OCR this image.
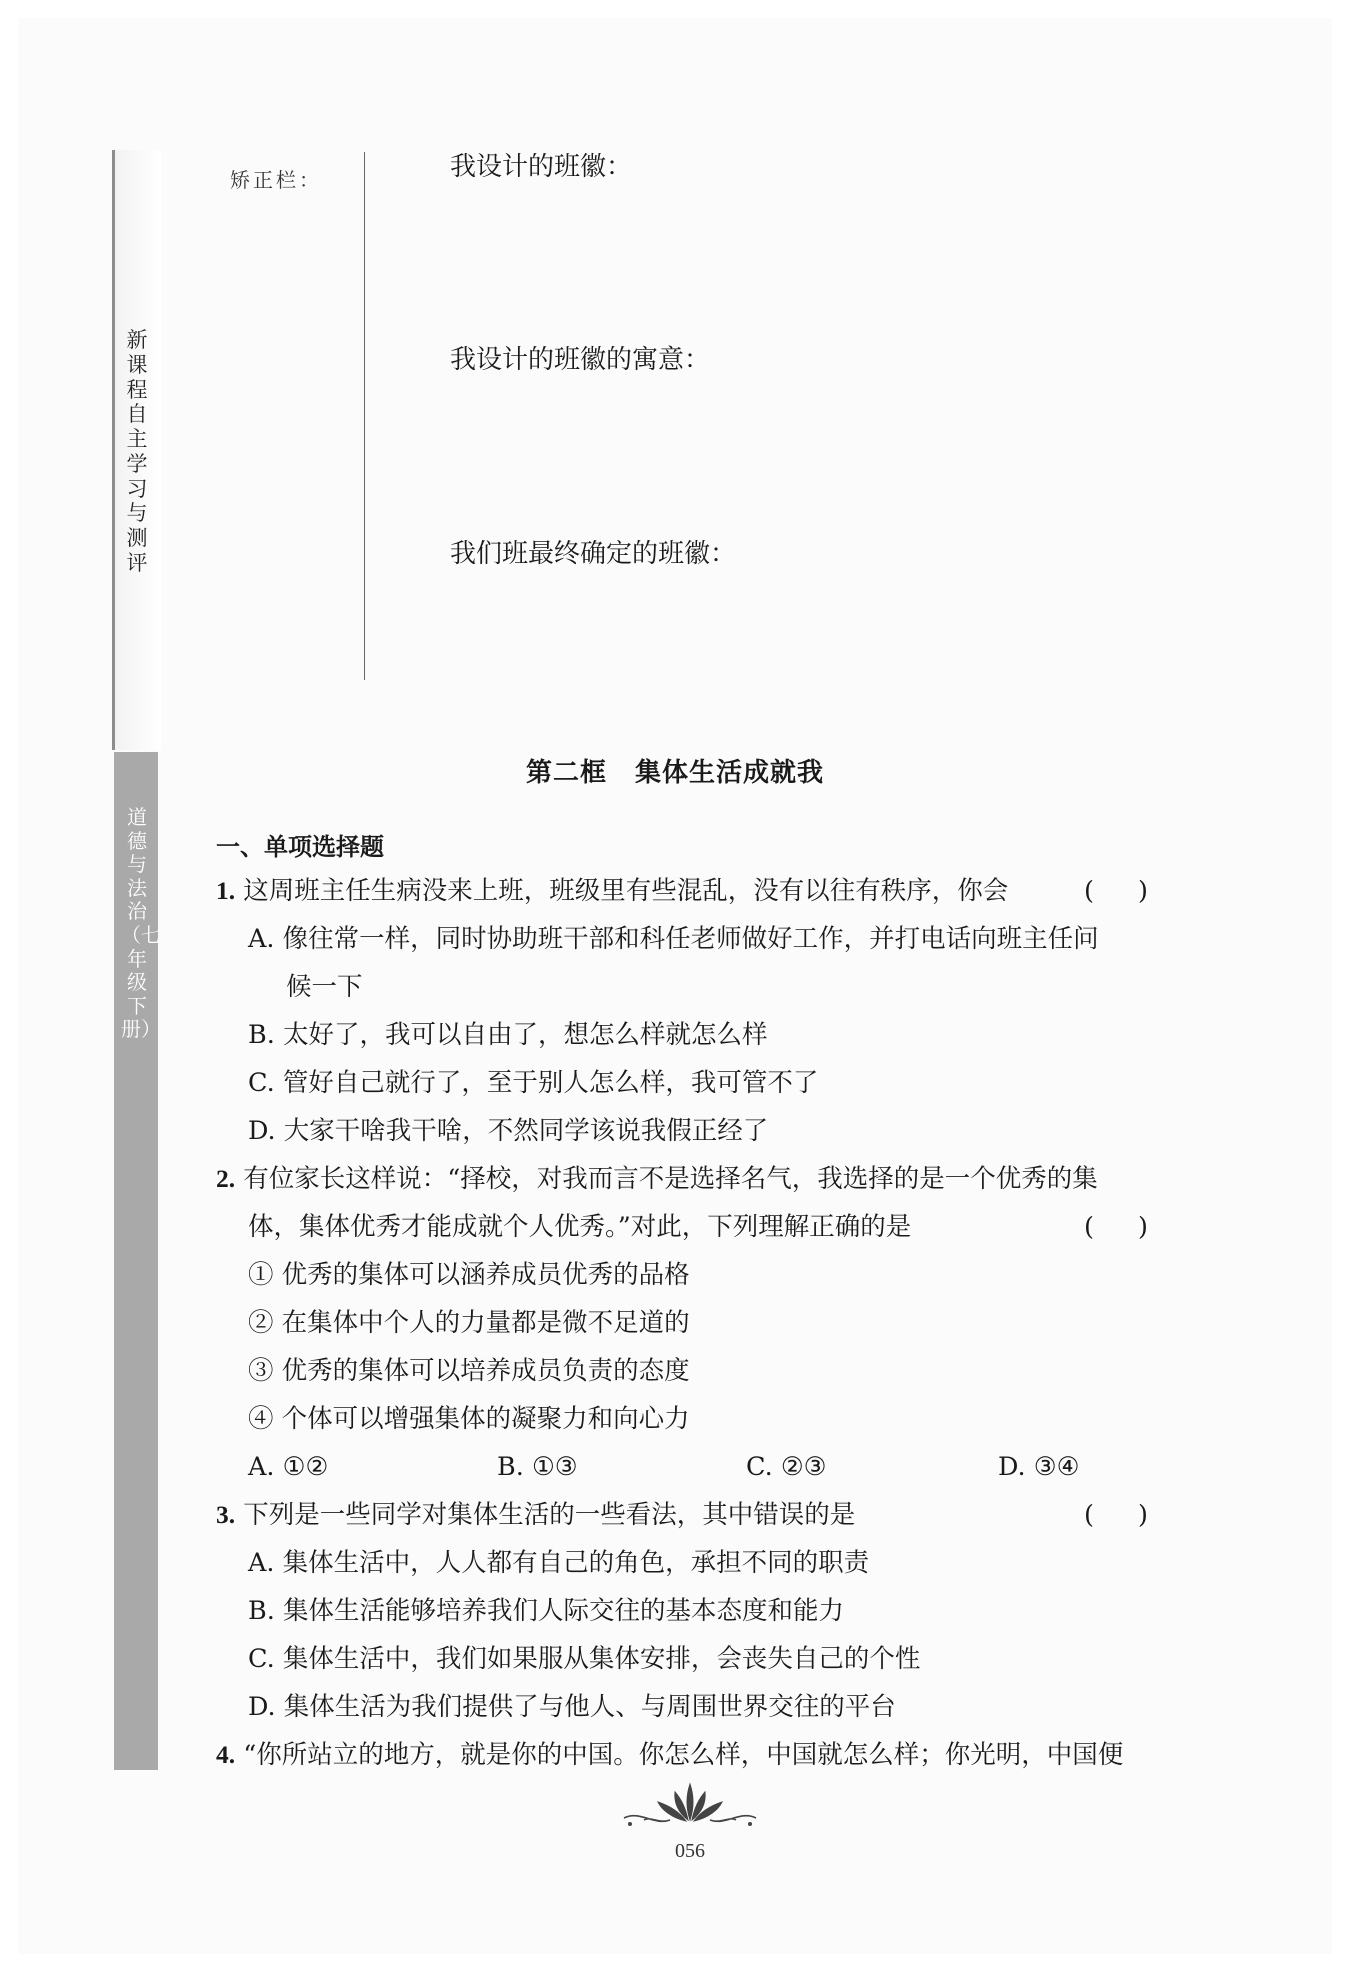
新课程自主学习与测评
道德与法治（七年级下册）
矫正栏：	我设计的班徽：
我设计的班徽的寓意：
我们班最终确定的班徽：
第二框 集体生活成就我
一、单项选择题
1. 这周班主任生病没来上班，班级里有些混乱，没有以往有秩序，你会	( )
A. 像往常一样，同时协助班干部和科任老师做好工作，并打电话向班主任问
候一下
B. 太好了，我可以自由了，想怎么样就怎么样
C. 管好自己就行了，至于别人怎么样，我可管不了
D. 大家干啥我干啥，不然同学该说我假正经了
2. 有位家长这样说：“择校，对我而言不是选择名气，我选择的是一个优秀的集
体，集体优秀才能成就个人优秀。”对此，下列理解正确的是	( )
① 优秀的集体可以涵养成员优秀的品格
② 在集体中个人的力量都是微不足道的
③ 优秀的集体可以培养成员负责的态度
④ 个体可以增强集体的凝聚力和向心力
A. ①②	B. ①③	C. ②③	D. ③④
3. 下列是一些同学对集体生活的一些看法，其中错误的是	( )
A. 集体生活中，人人都有自己的角色，承担不同的职责
B. 集体生活能够培养我们人际交往的基本态度和能力
C. 集体生活中，我们如果服从集体安排，会丧失自己的个性
D. 集体生活为我们提供了与他人、与周围世界交往的平台
4. “你所站立的地方，就是你的中国。你怎么样，中国就怎么样；你光明，中国便
056
